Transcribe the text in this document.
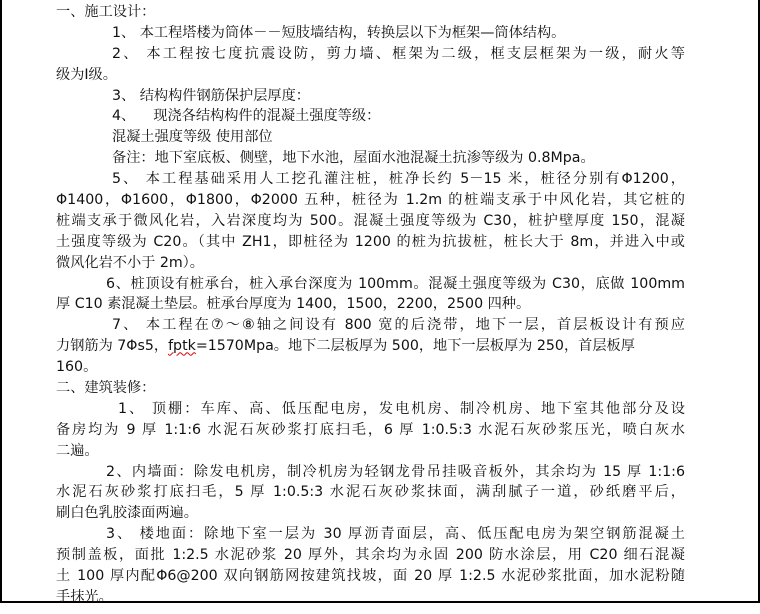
一、施工设计：
1、 本工程塔楼为筒体－－短肢墙结构，转换层以下为框架—筒体结构。
2、 本工程按七度抗震设防，剪力墙、框架为二级，框支层框架为一级，耐火等
级为Ⅰ级。
3、 结构构件钢筋保护层厚度：
4、    现浇各结构构件的混凝土强度等级：
混凝土强度等级 使用部位
备注：地下室底板、侧壁，地下水池，屋面水池混凝土抗渗等级为 0.8Mpa。
5、 本工程基础采用人工挖孔灌注桩，桩净长约 5－15 米，桩径分别有Φ1200，
Φ1400，Φ1600，Φ1800，Φ2000 五种，桩径为 1.2m 的桩端支承于中风化岩，其它桩的
桩端支承于微风化岩，入岩深度均为 500。混凝土强度等级为 C30，桩护壁厚度 150，混凝
土强度等级为 C20。（其中 ZH1，即桩径为 1200 的桩为抗拔桩，桩长大于 8m，并进入中或
微风化岩不小于 2m）。
6、桩顶设有桩承台，桩入承台深度为 100mm。混凝土强度等级为 C30，底做 100mm
厚 C10 素混凝土垫层。桩承台厚度为 1400，1500，2200，2500 四种。
7、 本工程在⑦～⑧轴之间设有 800 宽的后浇带，地下一层，首层板设计有预应
力钢筋为 7Φs5，fptk=1570Mpa。地下二层板厚为 500，地下一层板厚为 250，首层板厚
160。
二、建筑装修：
1、 顶棚：车库、高、低压配电房，发电机房、制冷机房、地下室其他部分及设
备房均为 9 厚 1:1:6 水泥石灰砂浆打底扫毛，6 厚 1:0.5:3 水泥石灰砂浆压光，喷白灰水
二遍。
2、内墙面：除发电机房，制冷机房为轻钢龙骨吊挂吸音板外，其余均为 15 厚 1:1:6
水泥石灰砂浆打底扫毛，5 厚 1:0.5:3 水泥石灰砂浆抹面，满刮腻子一道，砂纸磨平后，
刷白色乳胶漆面两遍。
3、 楼地面：除地下室一层为 30 厚沥青面层，高、低压配电房为架空钢筋混凝土
预制盖板，面批 1:2.5 水泥砂浆 20 厚外，其余均为永固 200 防水涂层，用 C20 细石混凝
土 100 厚内配Φ6@200 双向钢筋网按建筑找坡，面 20 厚 1:2.5 水泥砂浆批面，加水泥粉随
手抹光。
